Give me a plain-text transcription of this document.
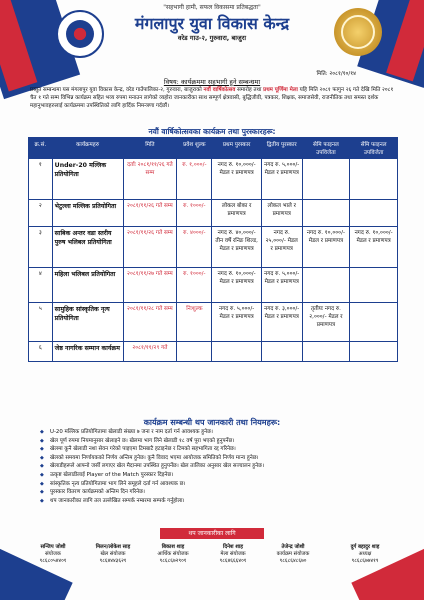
"सहभागी हामी, सफल विकासमा प्रतिबद्धता"
मंगलापुर युवा विकास केन्द्र
वरेड गाउ-२, गुरुवारा, बाजुरा
मिति: २०८१/१०/१४
विषय: कार्यक्रममा सहभागी हुने सम्बन्धमा
प्रस्तुत सम्बन्धमा यस मंगलापुर युवा विकास केन्द्र, वरेड गाउँपालिका-२, गुरुवारा, बाजुराको नवौं वार्षिकोत्सव समारोह तथा प्रथम पूर्णिमा मेला यहि मिति २०८१ फागुन २६ गते देखि मिति २०८१ चैत १ गते सम्म विभिन्न कार्यक्रम सहित भव्य रुपमा मनाउन लागेको व्यहोरा जानकारीका साथ सम्पूर्ण क्षेत्रवासी, बुद्धिजीवी, पत्रकार, शिक्षक, समाजसेवी, राजनीतिक तथा समस्त दर्शक महानुभावहरुलाई कार्यक्रममा उपस्थितिको लागि हार्दिक निमन्त्रणा गर्दछौं।
नवौं वार्षिकोत्सवका कार्यक्रम तथा पुरस्कारहरू:
क्र.सं.	कार्यक्रमहरु	मिति	प्रवेश शुल्क	प्रथम पुरस्कार	द्वितीय पुरस्कार	सेमि फाइनल उपविजेता	सेमि फाइनल उपविजेता
१	Under-20 मल्लिक प्रतियोगिता	दर्ताः २०८१/११/२६ गते सम्म	रु. १,०००/-	नगद रु. १०,०००/- मेडल र प्रमाणपत्र	नगद रु. ५,०००/- मेडल र प्रमाणपत्र		
२	भेटुल्ला मल्लिक प्रतियोगिता	२०८१/११/२६ गते सम्म	रु. १०००/-	लोकल बोका र प्रमाणपत्र	लोकल भाले र प्रमाणपत्र		
३	साबिक अन्तर वडा स्तरीय पुरुष भलिबल प्रतियोगिता	२०८१/११/२६ गते सम्म	रु. ४०००/-	नगद रु. ४०,०००/- तीन वर्षे रनिङ शिल्ड, मेडल र प्रमाणपत्र	नगद रु. २५,०००/- मेडल र प्रमाणपत्र	नगद रु. १०,०००/- मेडल र प्रमाणपत्र	नगद रु. १०,०००/- मेडल र प्रमाणपत्र
४	महिला भलिबल प्रतियोगिता	२०८१/११/२७ गते सम्म	रु. १०००/-	नगद रु. १०,०००/- मेडल र प्रमाणपत्र	नगद रु. ५,०००/- मेडल र प्रमाणपत्र		
५	सामुहिक सांस्कृतिक नृत्य प्रतियोगिता	२०८१/११/२८ गते सम्म	निःशुल्क	नगद रु. ५,०००/- मेडल र प्रमाणपत्र	नगद रु. ३,०००/- मेडल र प्रमाणपत्र	तृतीयः नगद रु. २,०००/- मेडल र प्रमाणपत्र	
६	जेष्ठ नागरिक सम्मान कार्यक्रम	२०८१/११/२९ गते					
कार्यक्रम सम्बन्धी थप जानकारी तथा नियमहरू:
◆ U-20 मल्लिक प्रतियोगितामा खेलाडी संख्या ७ जना र नाम दर्ता गर्न आवश्यक हुनेछ।
◆ खेल पूर्ण रुपमा नियमानुसार खेलाइने छ। खेलमा भाग लिने खेलाडी १८ वर्ष पूरा भएको हुनुपर्नेछ।
◆ खेलमा कुनै खेलाडी नशा सेवन गरेको पाइएमा टिमबाटै हटाइनेछ र टिमको सहभागिता रद्द गरिनेछ।
◆ खेलको समयमा निर्णायकको निर्णय अन्तिम हुनेछ। कुनै विवाद भएमा आयोजक समितिको निर्णय मान्य हुनेछ।
◆ खेलाडीहरूले आफ्नो जर्सी लगाएर खेल मैदानमा उपस्थित हुनुपर्नेछ। खेल तालिका अनुसार खेल सञ्चालन हुनेछ।
◆ उत्कृष्ट खेलाडीलाई Player of the Match पुरस्कार दिइनेछ।
◆ सांस्कृतिक नृत्य प्रतियोगितामा भाग लिने समूहले दर्ता गर्न आवश्यक छ।
◆ पुरस्कार वितरण कार्यक्रमको अन्तिम दिन गरिनेछ।
◆ थप जानकारीका लागि तल उल्लेखित सम्पर्क नम्बरमा सम्पर्क गर्नुहोला।
थप जानकारीका लागि
सन्जिप जोशी
संयोजक
९८६८०५४४०१
मिलन/लोकेश साह
खेल संयोजक
९८६४४४३६२१
बिकाश शाह
आर्थिक संयोजक
९८६८६७२९०१
दिनेश शाह
मेला संयोजक
९८६४६६६४०१
तेजेन्द्र जोशी
कार्यक्रम संयोजक
९८६८६४८६७०
दुर्ग बहादुर शाह
अध्यक्ष
९८६८६७७४१९
